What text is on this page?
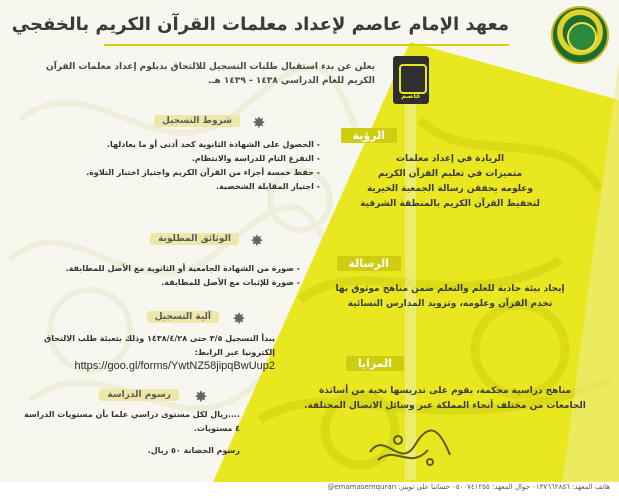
معهد الإمام عاصم لإعداد معلمات القرآن الكريم بالخفجي
عاصم
يعلن عن بدء استقبال طلبات التسجيل للالتحاق بدبلوم إعداد معلمات القرآن
الكريم للعام الدراسي ١٤٣٨ - ١٤٣٩ هـ.
✸
شروط التسجيل
- الحصول على الشهادة الثانوية كحد أدنى أو ما يعادلها.
- التفرغ التام للدراسة والانتظام.
- حفظ خمسة أجزاء من القرآن الكريم واجتياز اختبار التلاوة.
- اجتياز المقابلة الشخصية.
✸
الوثائق المطلوبة
- صورة من الشهادة الجامعية أو الثانوية مع الأصل للمطابقة.
- صورة للإثبات مع الأصل للمطابقة.
✸
آلية التسجيل
يبدأ التسجيل ٣/٥ حتى ١٤٣٨/٤/٢٨ وذلك بتعبئة طلب الالتحاق
إلكترونيا عبر الرابط:
https://goo.gl/forms/YwtNZ58jipqBwUup2
✸
رسوم الدراسة
....ريال لكل مستوى دراسي علما بأن مستويات الدراسة
٤ مستويات.
رسوم الحضانة ٥٠ ريال.
الرؤية
الريادة في إعداد معلمات
متميزات في تعليم القرآن الكريم
وعلومه يحققن رسالة الجمعية الخيرية
لتحفيظ القرآن الكريم بالمنطقة الشرقية
الرسالة
إيجاد بيئة جاذبة للعلم والتعلم ضمن مناهج موثوق بها
تخدم القرآن وعلومه، وتزويد المدارس النسائية
المزايا
مناهج دراسية محكمة، يقوم على تدريسها نخبة من أساتذة
الجامعات من مختلف أنحاء المملكة عبر وسائل الاتصال المختلفة.
هاتف المعهد: ٠١٣٧٦٦٢٨٥٦ جوال المعهد: ٠٥٠٠٧٤١٢٥٥ حسابنا على تويتر: emamasemquran@
